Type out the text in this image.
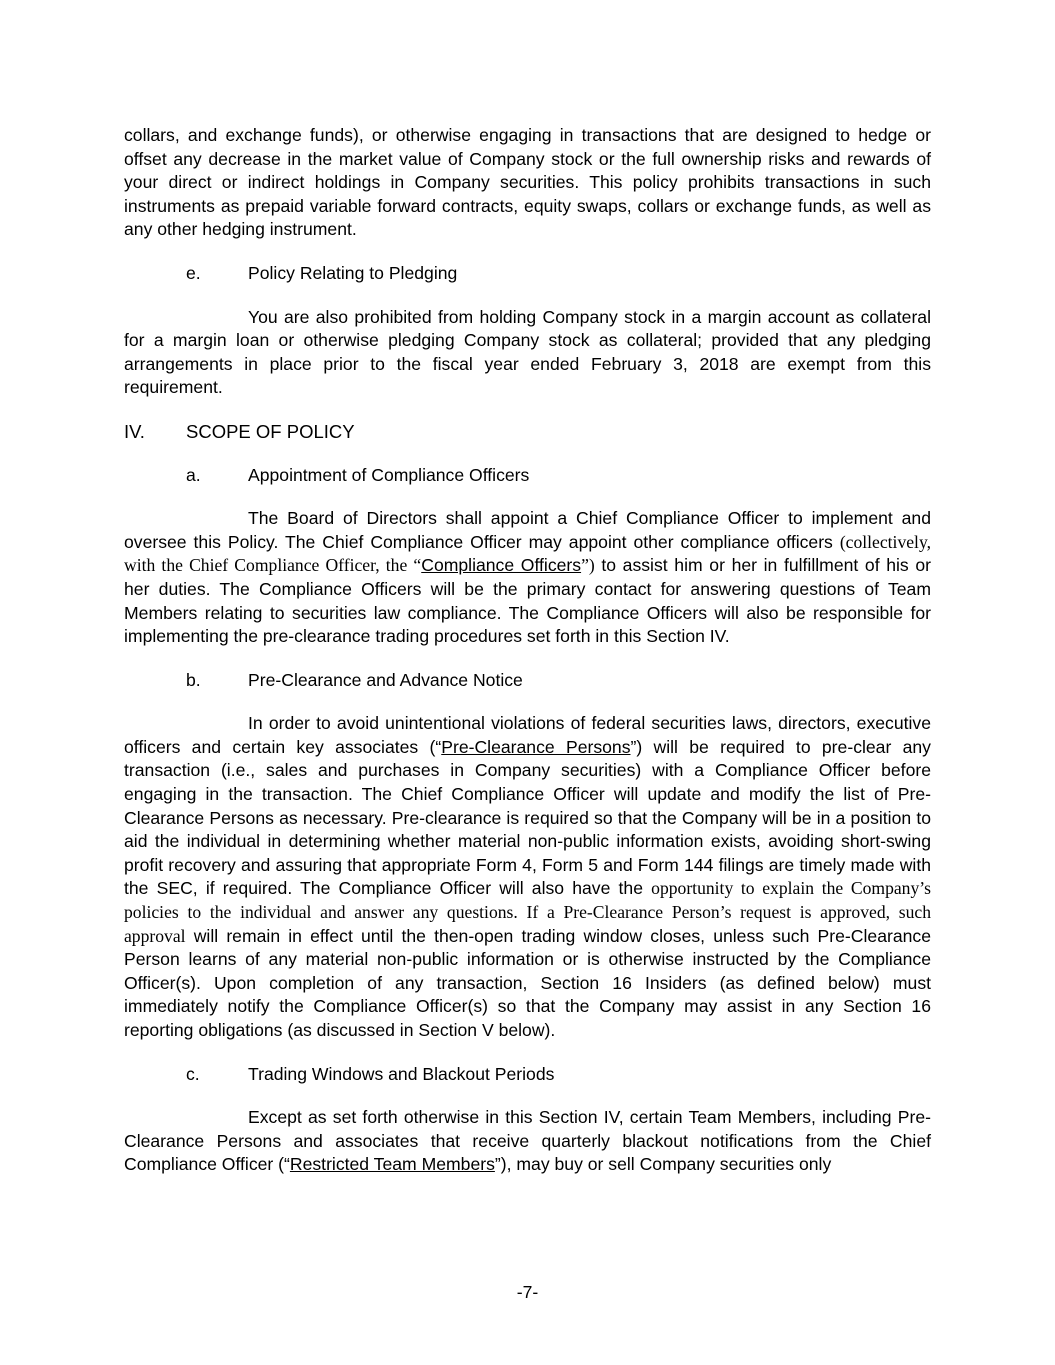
collars, and exchange funds), or otherwise engaging in transactions that are designed to hedge or offset any decrease in the market value of Company stock or the full ownership risks and rewards of your direct or indirect holdings in Company securities. This policy prohibits transactions in such instruments as prepaid variable forward contracts, equity swaps, collars or exchange funds, as well as any other hedging instrument.

e.	Policy Relating to Pledging

You are also prohibited from holding Company stock in a margin account as collateral for a margin loan or otherwise pledging Company stock as collateral; provided that any pledging arrangements in place prior to the fiscal year ended February 3, 2018 are exempt from this requirement.

IV.	SCOPE OF POLICY
a.	Appointment of Compliance Officers

The Board of Directors shall appoint a Chief Compliance Officer to implement and oversee this Policy. The Chief Compliance Officer may appoint other compliance officers (collectively, with the Chief Compliance Officer, the “Compliance Officers”) to assist him or her in fulfillment of his or her duties. The Compliance Officers will be the primary contact for answering questions of Team Members relating to securities law compliance. The Compliance Officers will also be responsible for implementing the pre-clearance trading procedures set forth in this Section IV.

b.	Pre-Clearance and Advance Notice

In order to avoid unintentional violations of federal securities laws, directors, executive officers and certain key associates (“Pre-Clearance Persons”) will be required to pre-clear any transaction (i.e., sales and purchases in Company securities) with a Compliance Officer before engaging in the transaction. The Chief Compliance Officer will update and modify the list of Pre-Clearance Persons as necessary. Pre-clearance is required so that the Company will be in a position to aid the individual in determining whether material non-public information exists, avoiding short-swing profit recovery and assuring that appropriate Form 4, Form 5 and Form 144 filings are timely made with the SEC, if required. The Compliance Officer will also have the opportunity to explain the Company’s policies to the individual and answer any questions. If a Pre-Clearance Person’s request is approved, such approval will remain in effect until the then-open trading window closes, unless such Pre-Clearance Person learns of any material non-public information or is otherwise instructed by the Compliance Officer(s). Upon completion of any transaction, Section 16 Insiders (as defined below) must immediately notify the Compliance Officer(s) so that the Company may assist in any Section 16 reporting obligations (as discussed in Section V below).

c.	Trading Windows and Blackout Periods

Except as set forth otherwise in this Section IV, certain Team Members, including Pre-Clearance Persons and associates that receive quarterly blackout notifications from the Chief Compliance Officer (“Restricted Team Members”), may buy or sell Company securities only

-7-
